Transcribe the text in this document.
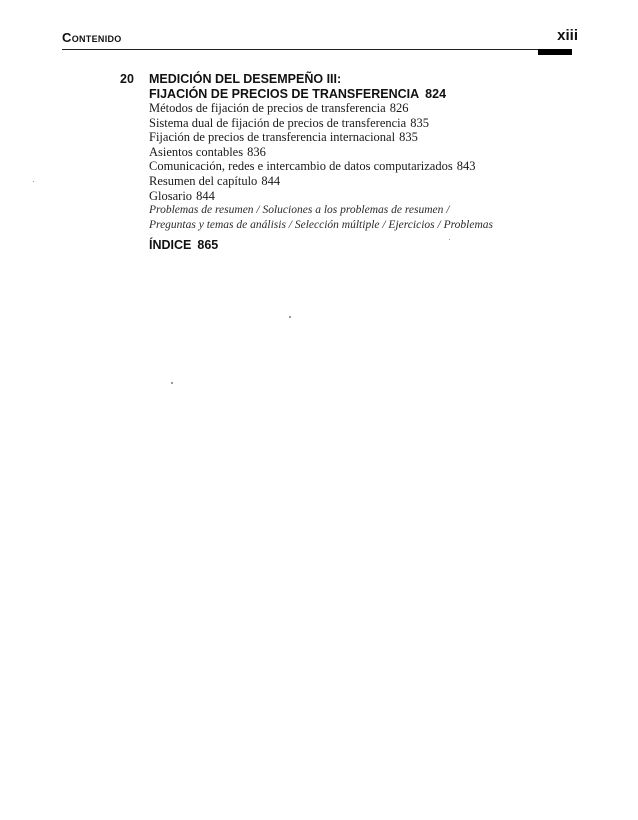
Contenido	xiii
20 MEDICIÓN DEL DESEMPEÑO III:
FIJACIÓN DE PRECIOS DE TRANSFERENCIA 824
Métodos de fijación de precios de transferencia 826
Sistema dual de fijación de precios de transferencia 835
Fijación de precios de transferencia internacional 835
Asientos contables 836
Comunicación, redes e intercambio de datos computarizados 843
Resumen del capítulo 844
Glosario 844
Problemas de resumen / Soluciones a los problemas de resumen /
Preguntas y temas de análisis / Selección múltiple / Ejercicios / Problemas
ÍNDICE 865
